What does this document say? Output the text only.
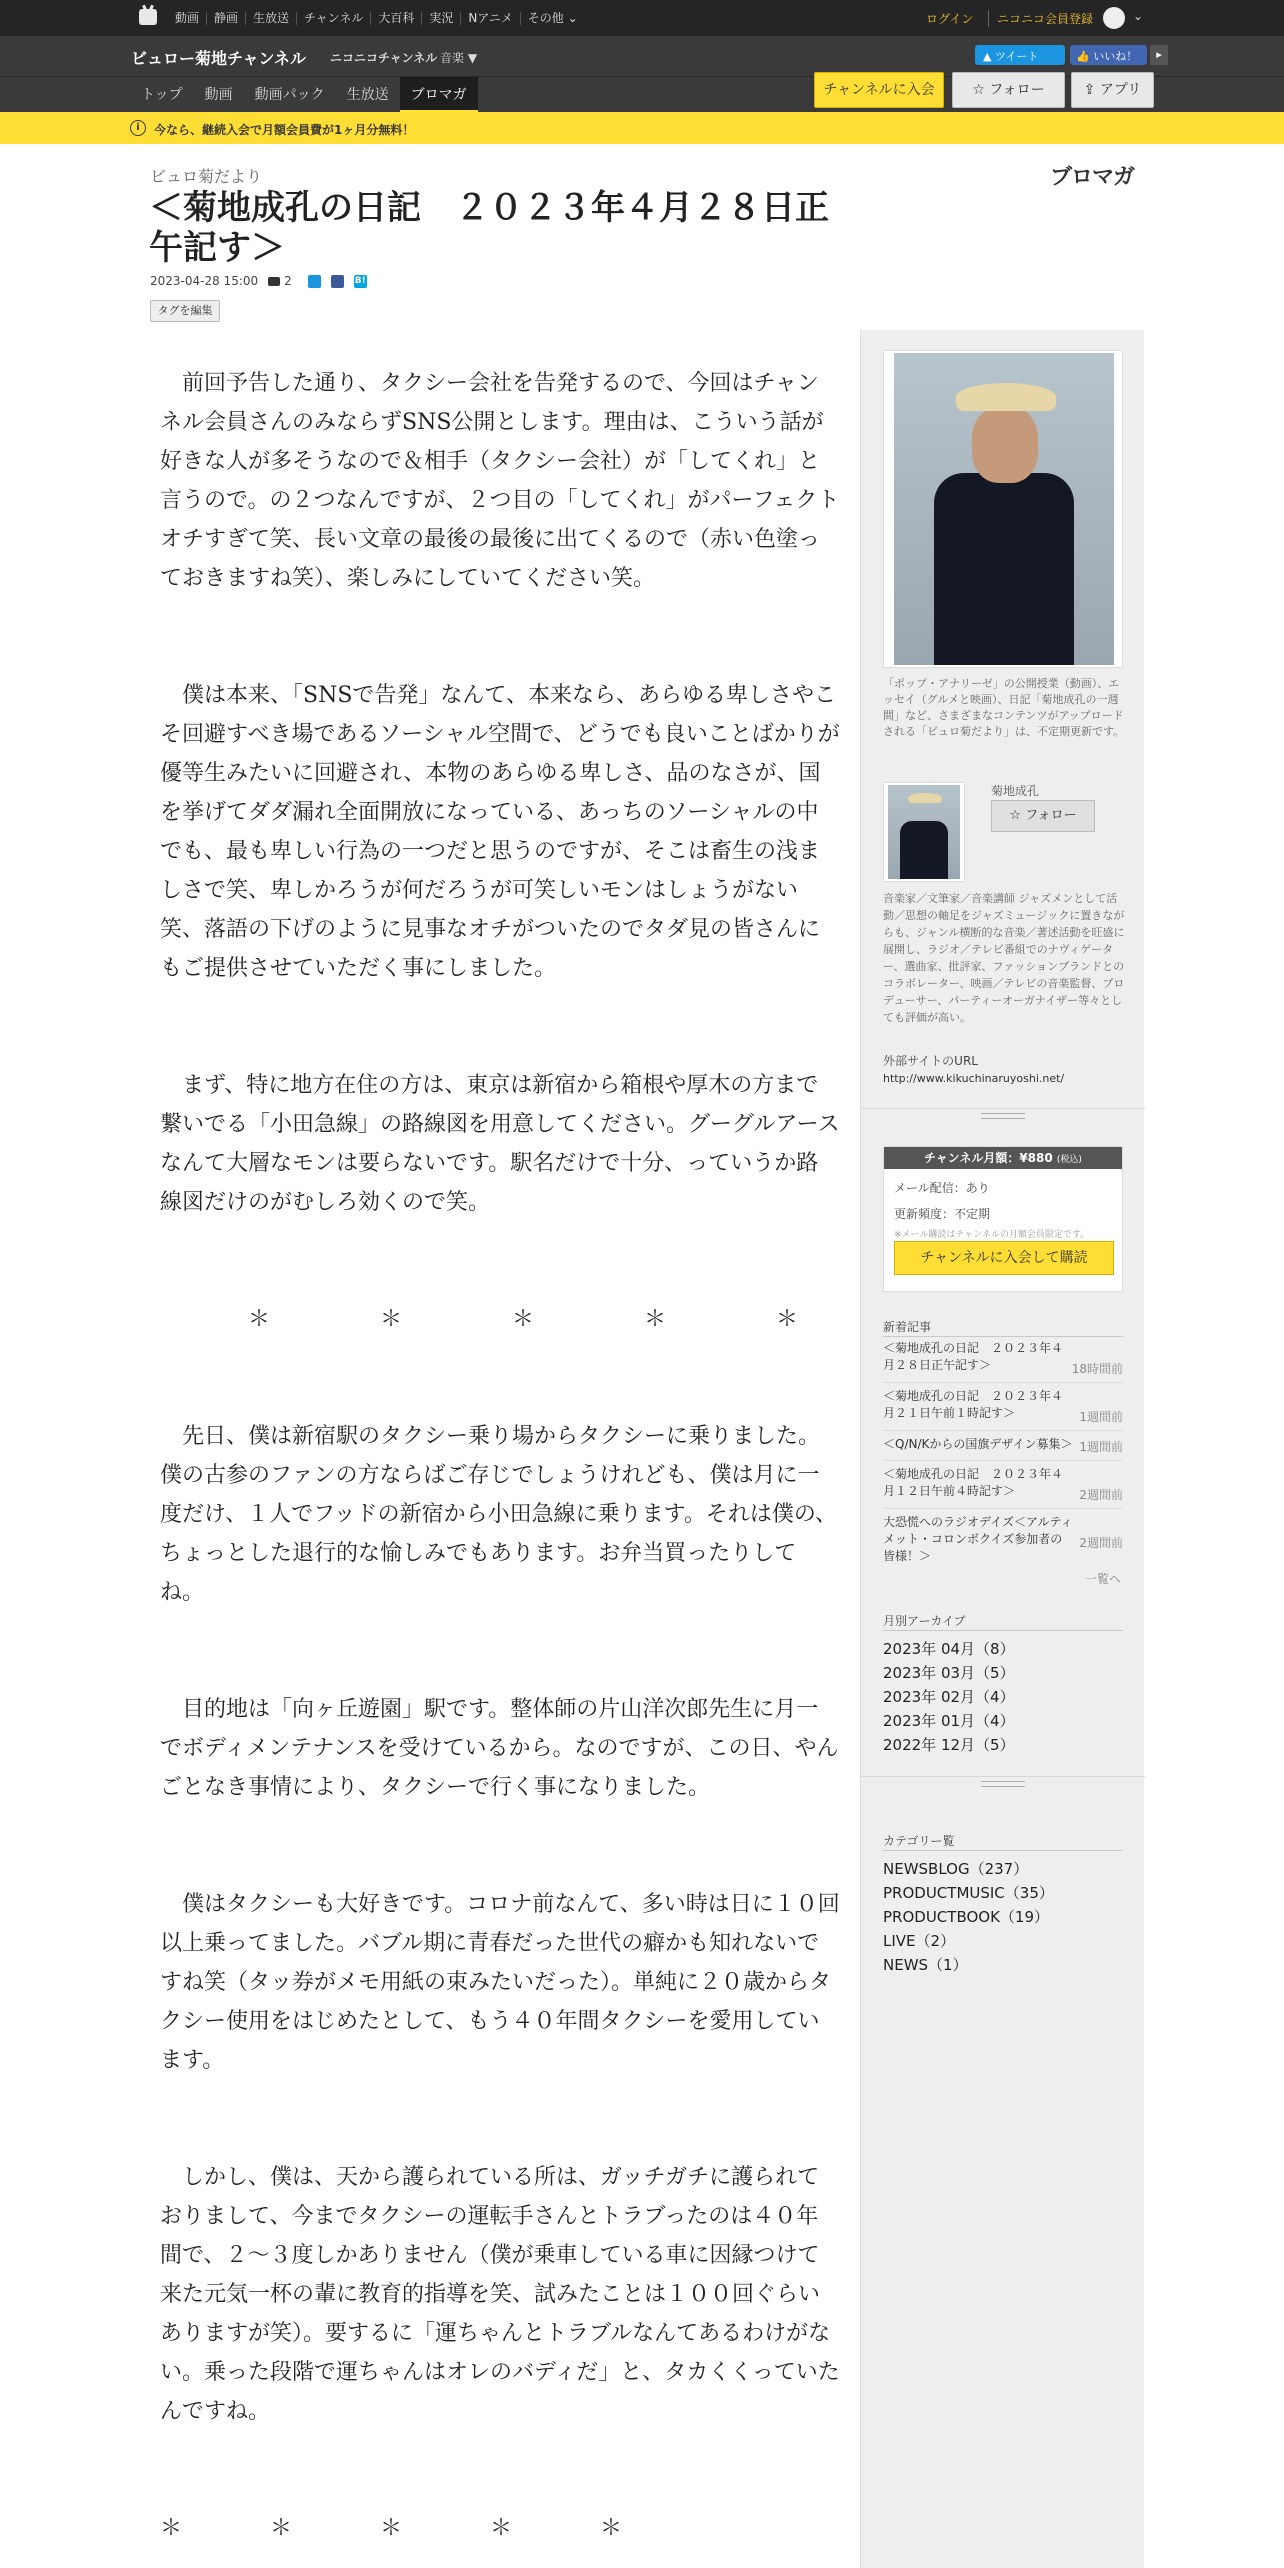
動画	静画	生放送	チャンネル	大百科	実況	Nアニメ	その他 ⌄	ログイン	ニコニコ会員登録	⌄
ビュロー菊地チャンネル ニコニコチャンネル 音楽 ▼	▲ ツイート	👍 いいね！	▸
トップ	動画	動画パック	生放送	ブロマガ	チャンネルに入会	☆ フォロー	⇪ アプリ
i	今なら、継続入会で月額会員費が1ヶ月分無料！
ビュロ菊だより	ブロマガ
＜菊地成孔の日記　２０２３年４月２８日正午記す＞
2023-04-28 15:00 2	B!
タグを編集

　前回予告した通り、タクシー会社を告発するので、今回はチャンネル会員さんのみならずSNS公開とします。理由は、こういう話が好きな人が多そうなので＆相手（タクシー会社）が「してくれ」と言うので。の２つなんですが、２つ目の「してくれ」がパーフェクトオチすぎて笑、長い文章の最後の最後に出てくるので（赤い色塗っておきますね笑）、楽しみにしていてください笑。

　僕は本来、「SNSで告発」なんて、本来なら、あらゆる卑しさやこそ回避すべき場であるソーシャル空間で、どうでも良いことばかりが優等生みたいに回避され、本物のあらゆる卑しさ、品のなさが、国を挙げてダダ漏れ全面開放になっている、あっちのソーシャルの中でも、最も卑しい行為の一つだと思うのですが、そこは畜生の浅ましさで笑、卑しかろうが何だろうが可笑しいモンはしょうがない笑、落語の下げのように見事なオチがついたのでタダ見の皆さんにもご提供させていただく事にしました。

　まず、特に地方在住の方は、東京は新宿から箱根や厚木の方まで繋いでる「小田急線」の路線図を用意してください。グーグルアースなんて大層なモンは要らないです。駅名だけで十分、っていうか路線図だけのがむしろ効くので笑。

　　　　＊　　　　　＊　　　　　＊　　　　　＊　　　　　＊

　先日、僕は新宿駅のタクシー乗り場からタクシーに乗りました。僕の古参のファンの方ならばご存じでしょうけれども、僕は月に一度だけ、１人でフッドの新宿から小田急線に乗ります。それは僕の、ちょっとした退行的な愉しみでもあります。お弁当買ったりしてね。

　目的地は「向ヶ丘遊園」駅です。整体師の片山洋次郎先生に月一でボディメンテナンスを受けているから。なのですが、この日、やんごとなき事情により、タクシーで行く事になりました。

　僕はタクシーも大好きです。コロナ前なんて、多い時は日に１０回以上乗ってました。バブル期に青春だった世代の癖かも知れないですね笑（タッ券がメモ用紙の束みたいだった）。単純に２０歳からタクシー使用をはじめたとして、もう４０年間タクシーを愛用しています。

　しかし、僕は、天から護られている所は、ガッチガチに護られておりまして、今までタクシーの運転手さんとトラブったのは４０年間で、２～３度しかありません（僕が乗車している車に因縁つけて来た元気一杯の輩に教育的指導を笑、試みたことは１００回ぐらいありますが笑）。要するに「運ちゃんとトラブルなんてあるわけがない。乗った段階で運ちゃんはオレのバディだ」と、タカくくっていたんですね。

＊　　　　＊　　　　＊　　　　＊　　　　＊

「ポップ・アナリーゼ」の公開授業（動画）、エッセイ（グルメと映画）、日記「菊地成孔の一週間」など、さまざまなコンテンツがアップロードされる「ビュロ菊だより」は、不定期更新です。
菊地成孔
☆ フォロー
音楽家／文筆家／音楽講師 ジャズメンとして活動／思想の軸足をジャズミュージックに置きながらも、ジャンル横断的な音楽／著述活動を旺盛に展開し、ラジオ／テレビ番組でのナヴィゲーター、選曲家、批評家、ファッションブランドとのコラボレーター、映画／テレビの音楽監督、プロデューサー、パーティーオーガナイザー等々としても評価が高い。
外部サイトのURL
http://www.kikuchinaruyoshi.net/
チャンネル月額：¥880 (税込)
メール配信：あり
更新頻度：不定期
※メール購読はチャンネルの月額会員限定です。
チャンネルに入会して購読
新着記事
＜菊地成孔の日記　２０２３年４月２８日正午記す＞	18時間前
＜菊地成孔の日記　２０２３年４月２１日午前１時記す＞	1週間前
＜Q/N/Kからの国旗デザイン募集＞ 1週間前
＜菊地成孔の日記　２０２３年４月１２日午前４時記す＞	2週間前
大恐慌へのラジオデイズ＜アルティメット・コロンボクイズ参加者の皆様！＞
2週間前
一覧へ
月別アーカイブ
2023年 04月（8）
2023年 03月（5）
2023年 02月（4）
2023年 01月（4）
2022年 12月（5）
カテゴリー覧
NEWSBLOG（237）
PRODUCTMUSIC（35）
PRODUCTBOOK（19）
LIVE（2）
NEWS（1）
